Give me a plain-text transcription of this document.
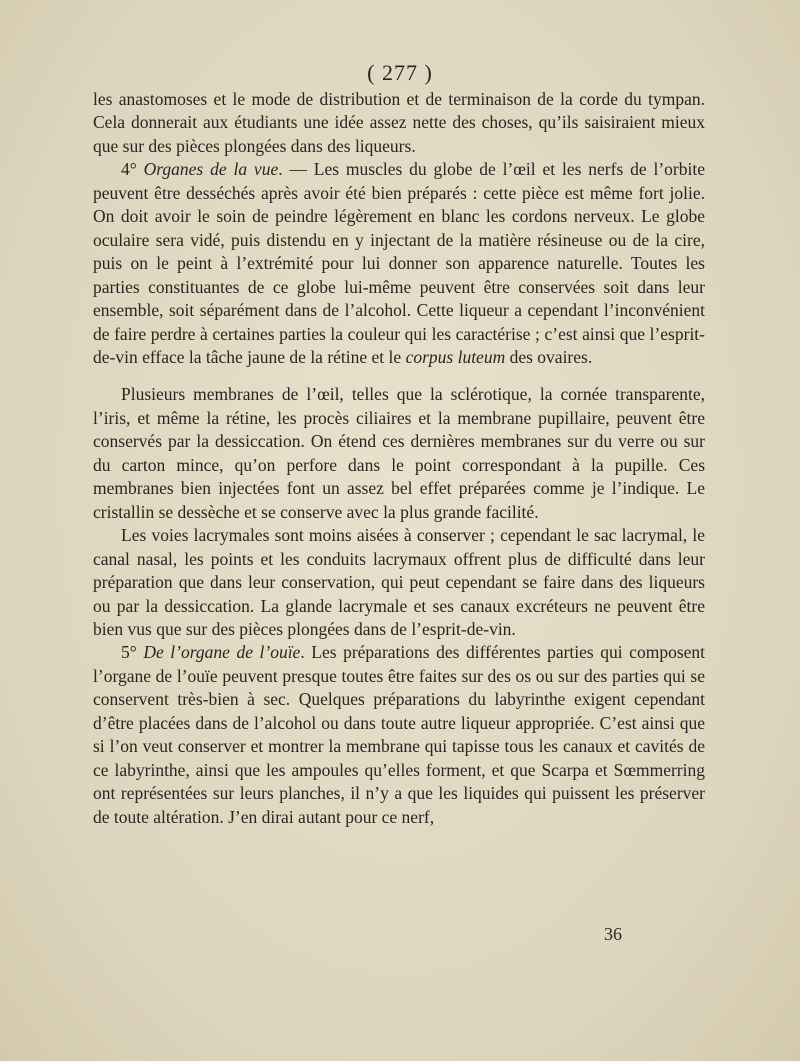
( 277 )

les anastomoses et le mode de distribution et de terminaison de la corde du tympan. Cela donnerait aux étudiants une idée assez nette des choses, qu’ils saisiraient mieux que sur des pièces plongées dans des liqueurs.

4° Organes de la vue. — Les muscles du globe de l’œil et les nerfs de l’orbite peuvent être desséchés après avoir été bien préparés : cette pièce est même fort jolie. On doit avoir le soin de peindre légèrement en blanc les cordons nerveux. Le globe oculaire sera vidé, puis distendu en y injectant de la matière résineuse ou de la cire, puis on le peint à l’extrémité pour lui donner son apparence naturelle. Toutes les parties constituantes de ce globe lui-même peuvent être conservées soit dans leur ensemble, soit séparément dans de l’alcohol. Cette liqueur a cependant l’inconvénient de faire perdre à certaines parties la couleur qui les caractérise ; c’est ainsi que l’esprit-de-vin efface la tâche jaune de la rétine et le corpus luteum des ovaires.

Plusieurs membranes de l’œil, telles que la sclérotique, la cornée transparente, l’iris, et même la rétine, les procès ciliaires et la membrane pupillaire, peuvent être conservés par la dessiccation. On étend ces dernières membranes sur du verre ou sur du carton mince, qu’on perfore dans le point correspondant à la pupille. Ces membranes bien injectées font un assez bel effet préparées comme je l’indique. Le cristallin se dessèche et se conserve avec la plus grande facilité.

Les voies lacrymales sont moins aisées à conserver ; cependant le sac lacrymal, le canal nasal, les points et les conduits lacrymaux offrent plus de difficulté dans leur préparation que dans leur conservation, qui peut cependant se faire dans des liqueurs ou par la dessiccation. La glande lacrymale et ses canaux excréteurs ne peuvent être bien vus que sur des pièces plongées dans de l’esprit-de-vin.

5° De l’organe de l’ouïe. Les préparations des différentes parties qui composent l’organe de l’ouïe peuvent presque toutes être faites sur des os ou sur des parties qui se conservent très-bien à sec. Quelques préparations du labyrinthe exigent cependant d’être placées dans de l’alcohol ou dans toute autre liqueur appropriée. C’est ainsi que si l’on veut conserver et montrer la membrane qui tapisse tous les canaux et cavités de ce labyrinthe, ainsi que les ampoules qu’elles forment, et que Scarpa et Sœmmerring ont représentées sur leurs planches, il n’y a que les liquides qui puissent les préserver de toute altération. J’en dirai autant pour ce nerf,

36
